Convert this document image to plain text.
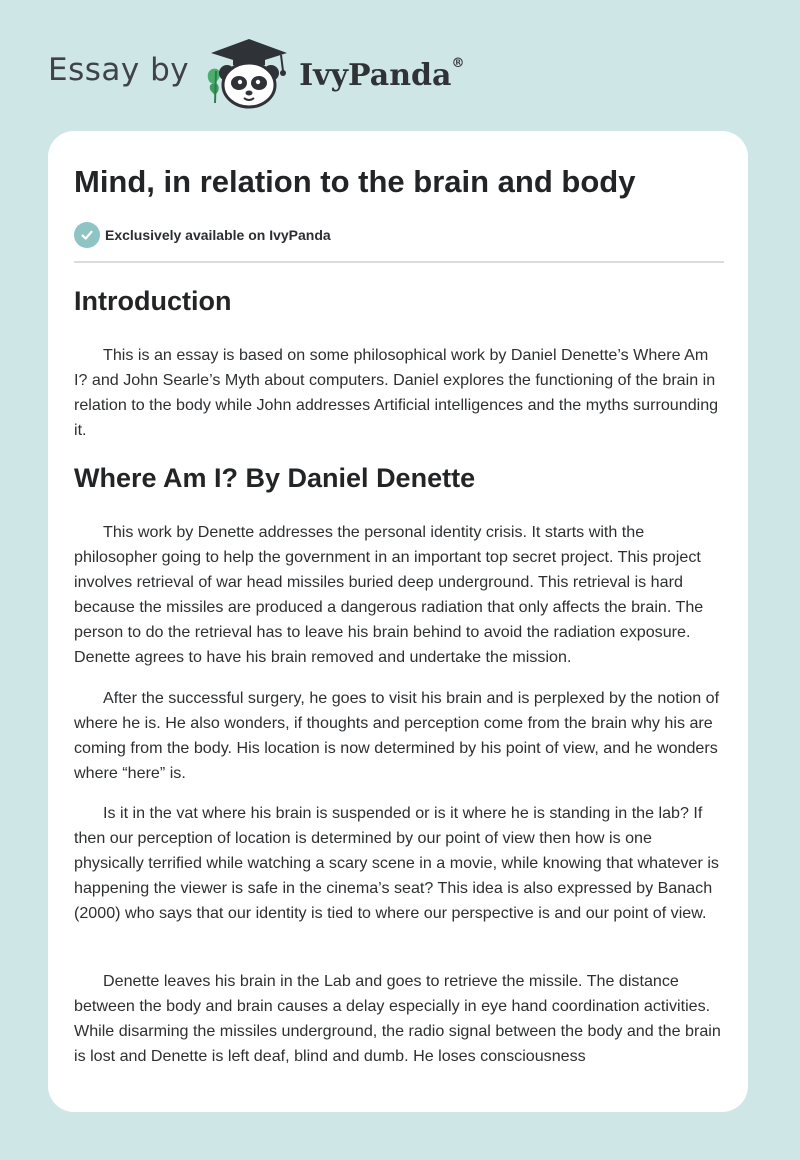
Essay by	IvyPanda®
Mind, in relation to the brain and body
Exclusively available on IvyPanda
Introduction

This is an essay is based on some philosophical work by Daniel Denette’s Where Am I? and John Searle’s Myth about computers. Daniel explores the functioning of the brain in relation to the body while John addresses Artificial intelligences and the myths surrounding it.

Where Am I? By Daniel Denette

This work by Denette addresses the personal identity crisis. It starts with the philosopher going to help the government in an important top secret project. This project involves retrieval of war head missiles buried deep underground. This retrieval is hard because the missiles are produced a dangerous radiation that only affects the brain. The person to do the retrieval has to leave his brain behind to avoid the radiation exposure. Denette agrees to have his brain removed and undertake the mission.

After the successful surgery, he goes to visit his brain and is perplexed by the notion of where he is. He also wonders, if thoughts and perception come from the brain why his are coming from the body. His location is now determined by his point of view, and he wonders where “here” is.

Is it in the vat where his brain is suspended or is it where he is standing in the lab? If then our perception of location is determined by our point of view then how is one physically terrified while watching a scary scene in a movie, while knowing that whatever is happening the viewer is safe in the cinema’s seat? This idea is also expressed by Banach (2000) who says that our identity is tied to where our perspective is and our point of view.

Denette leaves his brain in the Lab and goes to retrieve the missile. The distance between the body and brain causes a delay especially in eye hand coordination activities. While disarming the missiles underground, the radio signal between the body and the brain is lost and Denette is left deaf, blind and dumb. He loses consciousness
